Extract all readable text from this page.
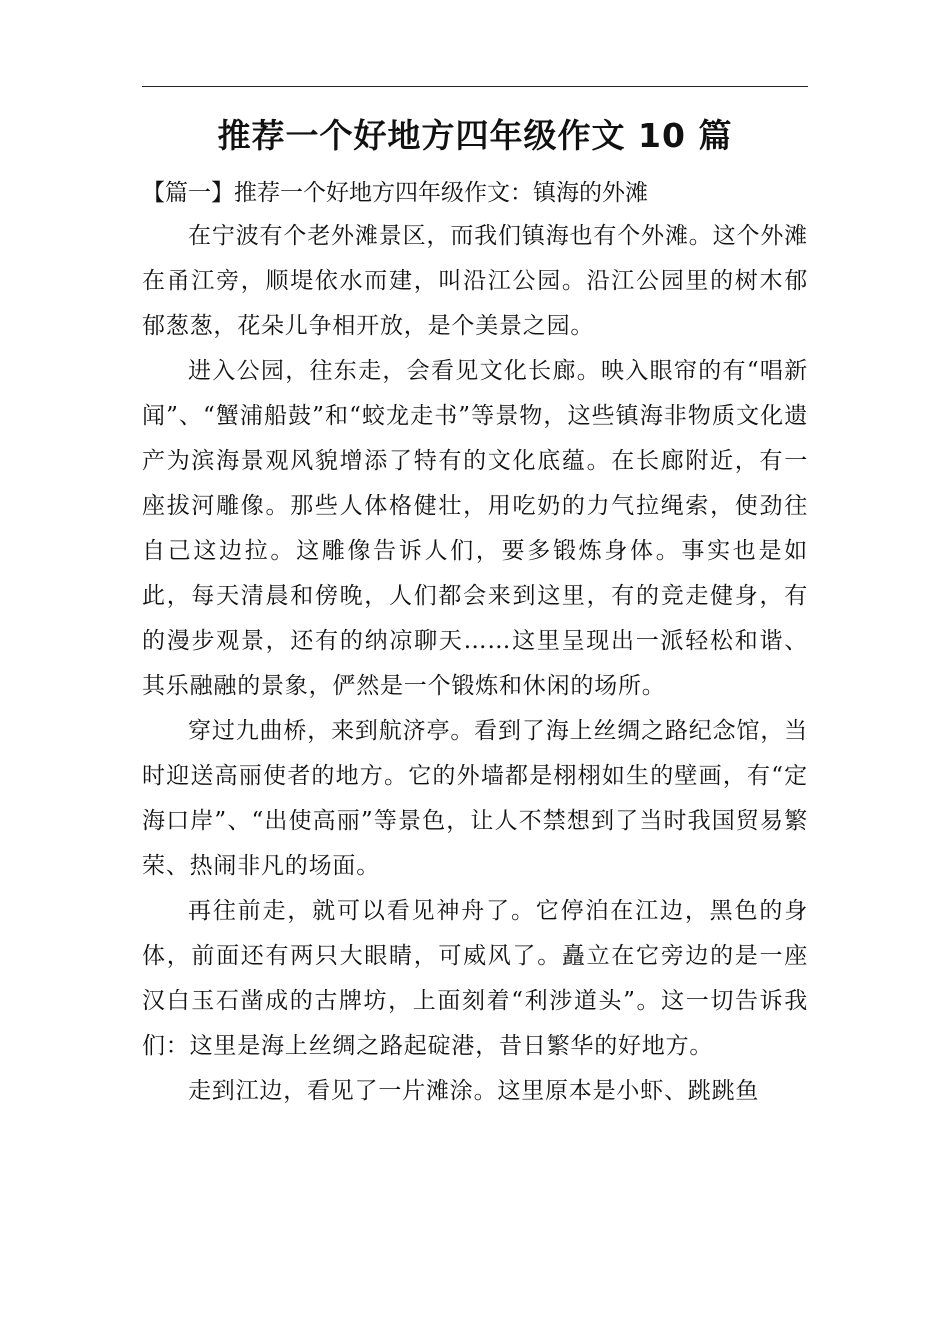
推荐一个好地方四年级作文 10 篇
【篇一】推荐一个好地方四年级作文：镇海的外滩

在宁波有个老外滩景区，而我们镇海也有个外滩。这个外滩在甬江旁，顺堤依水而建，叫沿江公园。沿江公园里的树木郁郁葱葱，花朵儿争相开放，是个美景之园。

进入公园，往东走，会看见文化长廊。映入眼帘的有“唱新闻”、“蟹浦船鼓”和“蛟龙走书”等景物，这些镇海非物质文化遗产为滨海景观风貌增添了特有的文化底蕴。在长廊附近，有一座拔河雕像。那些人体格健壮，用吃奶的力气拉绳索，使劲往自己这边拉。这雕像告诉人们，要多锻炼身体。事实也是如此，每天清晨和傍晚，人们都会来到这里，有的竞走健身，有的漫步观景，还有的纳凉聊天……这里呈现出一派轻松和谐、其乐融融的景象，俨然是一个锻炼和休闲的场所。

穿过九曲桥，来到航济亭。看到了海上丝绸之路纪念馆，当时迎送高丽使者的地方。它的外墙都是栩栩如生的壁画，有“定海口岸”、“出使高丽”等景色，让人不禁想到了当时我国贸易繁荣、热闹非凡的场面。

再往前走，就可以看见神舟了。它停泊在江边，黑色的身体，前面还有两只大眼睛，可威风了。矗立在它旁边的是一座汉白玉石凿成的古牌坊，上面刻着“利涉道头”。这一切告诉我们：这里是海上丝绸之路起碇港，昔日繁华的好地方。

走到江边，看见了一片滩涂。这里原本是小虾、跳跳鱼
